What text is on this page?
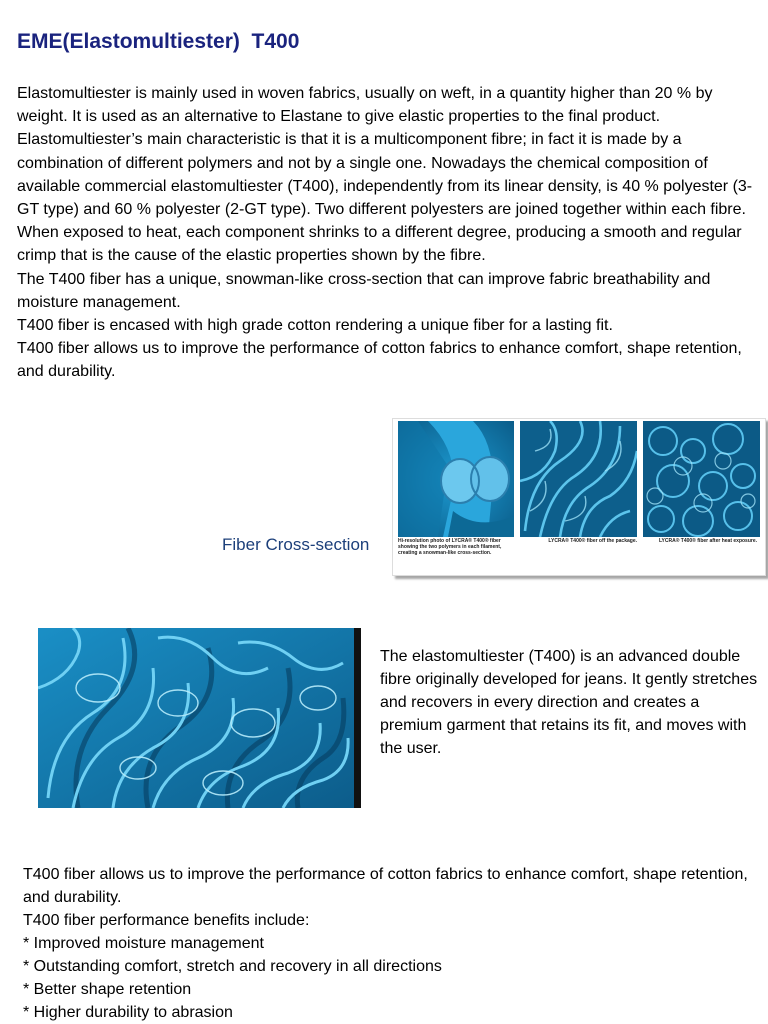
EME(Elastomultiester)  T400

Elastomultiester is mainly used in woven fabrics, usually on weft, in a quantity higher than 20 % by weight. It is used as an alternative to Elastane to give elastic properties to the final product.

Elastomultiester’s main characteristic is that it is a multicomponent fibre; in fact it is made by a combination of different polymers and not by a single one. Nowadays the chemical composition of available commercial elastomultiester (T400), independently from its linear density, is 40 % polyester (3-GT type) and 60 % polyester (2-GT type). Two different polyesters are joined together within each fibre. When exposed to heat, each component shrinks to a different degree, producing a smooth and regular crimp that is the cause of the elastic properties shown by the fibre.

The T400 fiber has a unique, snowman-like cross-section that can improve fabric breathability and moisture management.

T400 fiber is encased with high grade cotton rendering a unique fiber for a lasting fit.

T400 fiber allows us to improve the performance of cotton fabrics to enhance comfort, shape retention, and durability.

Fiber Cross-section	Hi-resolution photo of LYCRA® T400® fiber showing the two polymers in each filament, creating a snowman-like cross-section.
LYCRA® T400® fiber off the package.	LYCRA® T400® fiber after heat exposure.
The elastomultiester (T400) is an advanced double fibre originally developed for jeans. It gently stretches and recovers in every direction and creates a premium garment that retains its fit, and moves with the user.

T400 fiber allows us to improve the performance of cotton fabrics to enhance comfort, shape retention, and durability.

T400 fiber performance benefits include:

* Improved moisture management

* Outstanding comfort, stretch and recovery in all directions

* Better shape retention

* Higher durability to abrasion
